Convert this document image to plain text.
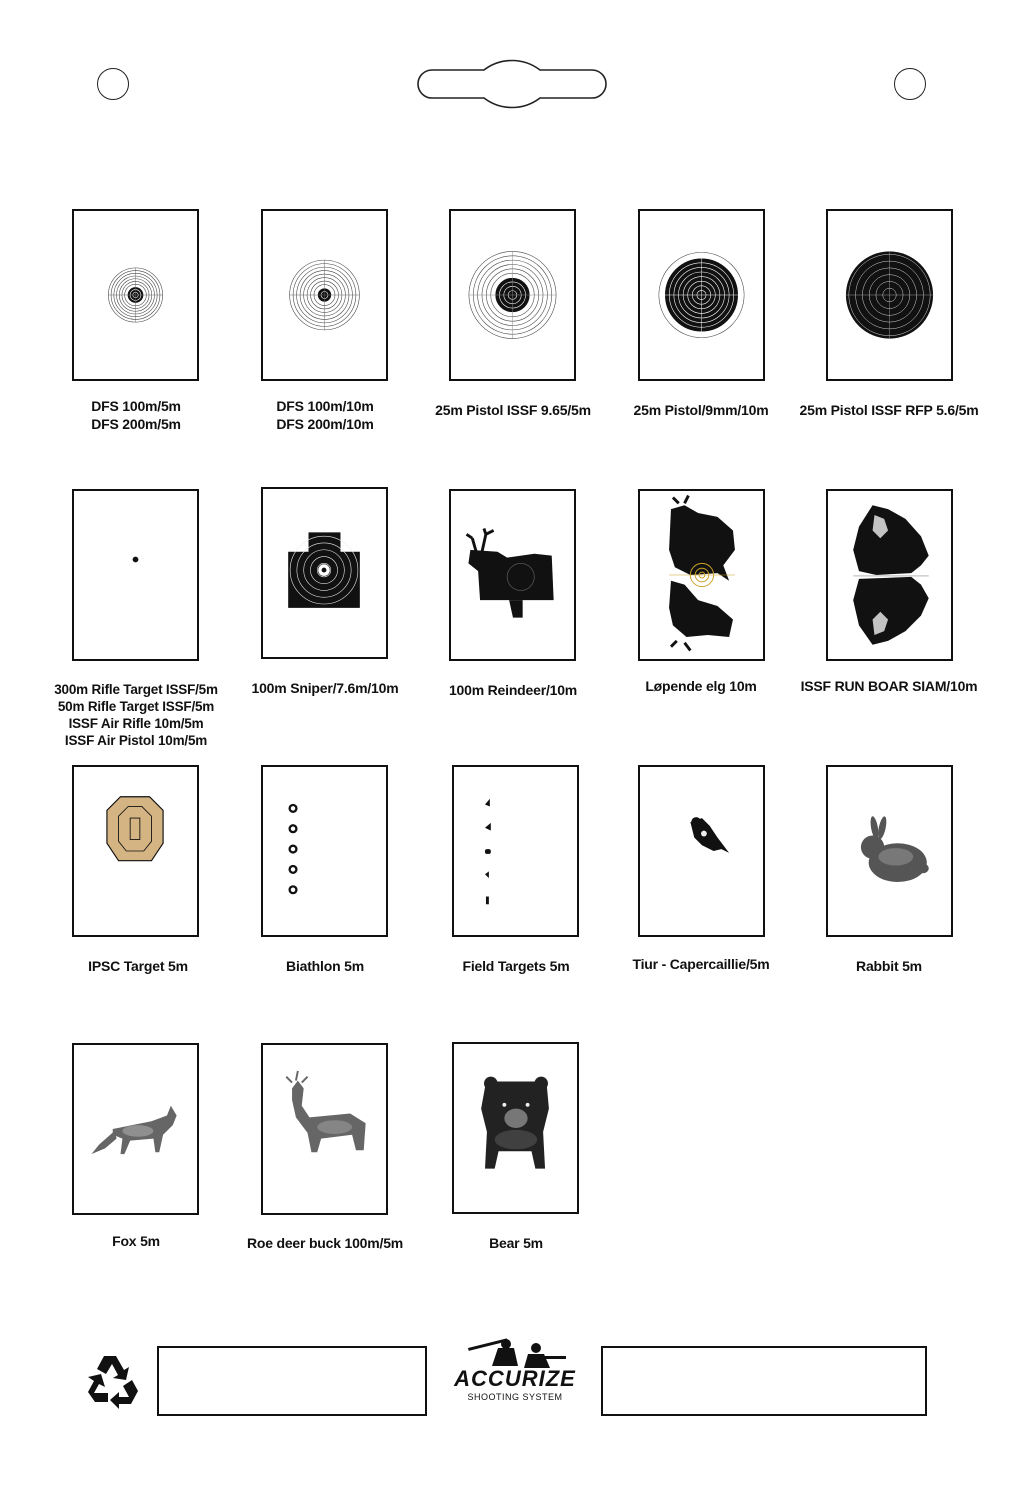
DFS 100m/5m
DFS 200m/5m
DFS 100m/10m
DFS 200m/10m
25m Pistol ISSF 9.65/5m	25m Pistol/9mm/10m 25m Pistol ISSF RFP 5.6/5m
300m Rifle Target ISSF/5m
50m Rifle Target ISSF/5m
ISSF Air Rifle 10m/5m
ISSF Air Pistol 10m/5m
100m Sniper/7.6m/10m	100m Reindeer/10m	Løpende elg 10m	ISSF RUN BOAR SIAM/10m
IPSC Target 5m	Biathlon 5m	Field Targets 5m	Tiur - Capercaillie/5m	Rabbit 5m
Fox 5m	Roe deer buck 100m/5m	Bear 5m
ACCURIZE
SHOOTING SYSTEM
